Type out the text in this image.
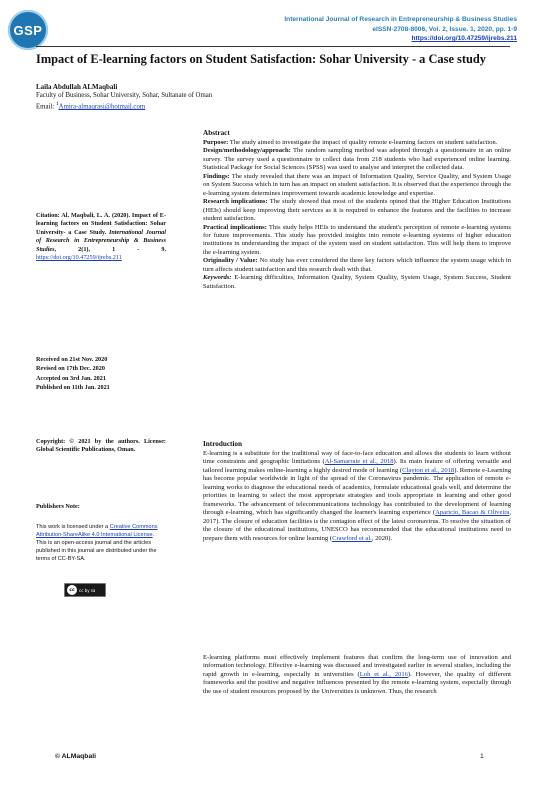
GSP
International Journal of Research in Entrepreneurship & Business Studies
eISSN-2708-8006, Vol. 2, Issue. 1, 2020, pp. 1-9
https://doi.org/10.47259/ijrebs.211
Impact of E-learning factors on Student Satisfaction: Sohar University - a Case study
Laila Abdullah ALMaqbali
Faculty of Business, Sohar University, Sohar, Sultanate of Oman
Email: $^1$Amira-almaqrasi@hotmail.com
Citation: Al. Maqbali, L. A. (2020). Impact of E-learning factors on Student Satisfaction: Sohar University- a Case Study. International Journal of Research in Entrepreneurship & Business Studies, 2(1), 1 - 9. https://doi.org/10.47259/ijrebs.211
Received on 21st Nov. 2020
Revised on 17th Dec. 2020
Accepted on 3rd Jan. 2021
Published on 11th Jan. 2021
Copyright: © 2021 by the authors. License: Global Scientific Publications, Oman.
Publishers Note:
This work is licensed under a Creative Commons Attribution-ShareAlike 4.0 International License. This is an open-access journal and the articles published in this journal are distributed under the terms of CC-BY-SA.
cc	cc by sa
Abstract

Purpose: The study aimed to investigate the impact of quality remote e-learning factors on student satisfaction.

Design/methodology/approach: The random sampling method was adopted through a questionnaire in an online survey. The survey used a questionnaire to collect data from 218 students who had experienced online learning. Statistical Package for Social Sciences (SPSS) was used to analyse and interpret the collected data.

Findings: The study revealed that there was an impact of Information Quality, Service Quality, and System Usage on System Success which in turn has an impact on student satisfaction. It is observed that the experience through the e-learning system determines improvement towards academic knowledge and expertise.

Research implications: The study showed that most of the students opined that the Higher Education Institutions (HEIs) should keep improving their services as it is required to enhance the features and the facilities to increase student satisfaction.

Practical implications: This study helps HEIs to understand the student's perception of remote e-learning systems for future improvements. This study has provided insights into remote e-learning systems of higher education institutions in understanding the impact of the system used on student satisfaction. This will help them to improve the e-learning system.

Originality / Value: No study has ever considered the three key factors which influence the system usage which in turn affects student satisfaction and this research dealt with that.

Keywords: E-learning difficulties, Information Quality, System Quality, System Usage, System Success, Student Satisfaction.

Introduction
E-learning is a substitute for the traditional way of face-to-face education and allows the students to learn without time constraints and geographic limitations (Al-Samarraie et al., 2018). Its main feature of offering versatile and tailored learning makes online-learning a highly desired mode of learning (Clayton et al., 2018). Remote e-Learning has become popular worldwide in light of the spread of the Coronavirus pandemic. The application of remote e-learning works to diagnose the educational needs of academics, formulate educational goals well, and determine the priorities in learning to select the most appropriate strategies and tools appropriate in learning and other good frameworks. The advancement of telecommunications technology has contributed to the development of learning through e-learning, which has significantly changed the learner's learning experience (Aparicio, Bacao & Oliveira, 2017). The closure of education facilities is the contagion effect of the latest coronavirus. To resolve the situation of the closure of the educational institutions, UNESCO has recommended that the educational institutions need to prepare them with resources for online learning (Crawford et al., 2020).
E-learning platforms must effectively implement features that confirm the long-term use of innovation and information technology. Effective e-learning was discussed and investigated earlier in several studies, including the rapid growth in e-learning, especially in universities (Loh et al., 2016). However, the quality of different frameworks and the positive and negative influences presented by the remote e-learning system, especially through the use of student resources proposed by the Universities is unknown. Thus, the research
© ALMaqbali	1
